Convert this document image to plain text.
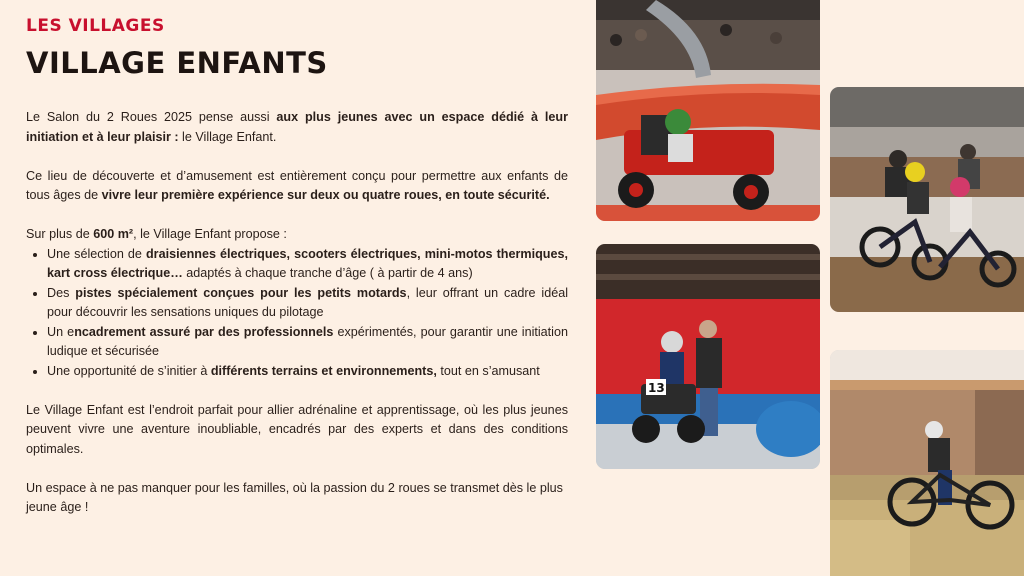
LES VILLAGES
VILLAGE ENFANTS

Le Salon du 2 Roues 2025 pense aussi aux plus jeunes avec un espace dédié à leur initiation et à leur plaisir : le Village Enfant.

Ce lieu de découverte et d’amusement est entièrement conçu pour permettre aux enfants de tous âges de vivre leur première expérience sur deux ou quatre roues, en toute sécurité.

Sur plus de 600 m², le Village Enfant propose :
• Une sélection de draisiennes électriques, scooters électriques, mini-motos thermiques, kart cross électrique… adaptés à chaque tranche d’âge ( à partir de 4 ans)
• Des pistes spécialement conçues pour les petits motards, leur offrant un cadre idéal pour découvrir les sensations uniques du pilotage
• Un encadrement assuré par des professionnels expérimentés, pour garantir une initiation ludique et sécurisée
• Une opportunité de s’initier à différents terrains et environnements, tout en s’amusant

Le Village Enfant est l’endroit parfait pour allier adrénaline et apprentissage, où les plus jeunes peuvent vivre une aventure inoubliable, encadrés par des experts et dans des conditions optimales.

Un espace à ne pas manquer pour les familles, où la passion du 2 roues se transmet dès le plus jeune âge !

13
